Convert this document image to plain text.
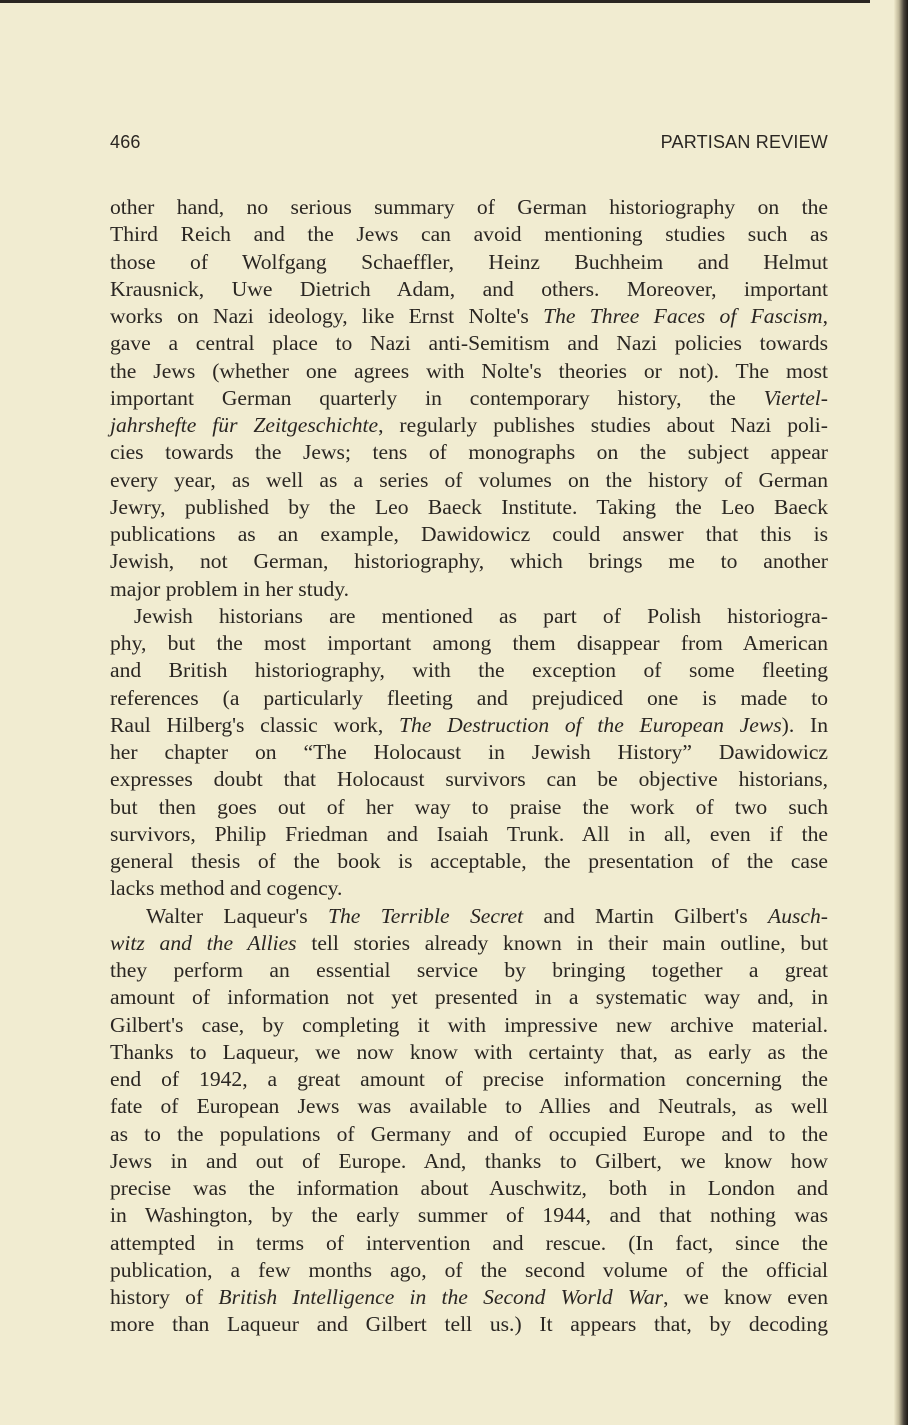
466	PARTISAN REVIEW
other hand, no serious summary of German historiography on the
Third Reich and the Jews can avoid mentioning studies such as
those of Wolfgang Schaeffler, Heinz Buchheim and Helmut
Krausnick, Uwe Dietrich Adam, and others. Moreover, important
works on Nazi ideology, like Ernst Nolte's The Three Faces of Fascism,
gave a central place to Nazi anti-Semitism and Nazi policies towards
the Jews (whether one agrees with Nolte's theories or not). The most
important German quarterly in contemporary history, the Viertel-
jahrshefte für Zeitgeschichte, regularly publishes studies about Nazi poli-
cies towards the Jews; tens of monographs on the subject appear
every year, as well as a series of volumes on the history of German
Jewry, published by the Leo Baeck Institute. Taking the Leo Baeck
publications as an example, Dawidowicz could answer that this is
Jewish, not German, historiography, which brings me to another
major problem in her study.
Jewish historians are mentioned as part of Polish historiogra-
phy, but the most important among them disappear from American
and British historiography, with the exception of some fleeting
references (a particularly fleeting and prejudiced one is made to
Raul Hilberg's classic work, The Destruction of the European Jews). In
her chapter on “The Holocaust in Jewish History” Dawidowicz
expresses doubt that Holocaust survivors can be objective historians,
but then goes out of her way to praise the work of two such
survivors, Philip Friedman and Isaiah Trunk. All in all, even if the
general thesis of the book is acceptable, the presentation of the case
lacks method and cogency.
Walter Laqueur's The Terrible Secret and Martin Gilbert's Ausch-
witz and the Allies tell stories already known in their main outline, but
they perform an essential service by bringing together a great
amount of information not yet presented in a systematic way and, in
Gilbert's case, by completing it with impressive new archive material.
Thanks to Laqueur, we now know with certainty that, as early as the
end of 1942, a great amount of precise information concerning the
fate of European Jews was available to Allies and Neutrals, as well
as to the populations of Germany and of occupied Europe and to the
Jews in and out of Europe. And, thanks to Gilbert, we know how
precise was the information about Auschwitz, both in London and
in Washington, by the early summer of 1944, and that nothing was
attempted in terms of intervention and rescue. (In fact, since the
publication, a few months ago, of the second volume of the official
history of British Intelligence in the Second World War, we know even
more than Laqueur and Gilbert tell us.) It appears that, by decoding
